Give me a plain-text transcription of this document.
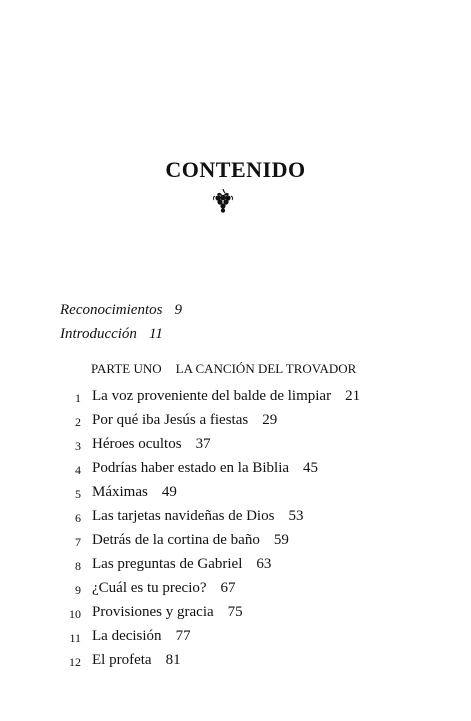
CONTENIDO
Reconocimientos 9
Introducción 11
PARTE UNO LA CANCIÓN DEL TROVADOR
1 La voz proveniente del balde de limpiar 21
2 Por qué iba Jesús a fiestas 29
3 Héroes ocultos 37
4 Podrías haber estado en la Biblia 45
5 Máximas 49
6 Las tarjetas navideñas de Dios 53
7 Detrás de la cortina de baño 59
8 Las preguntas de Gabriel 63
9 ¿Cuál es tu precio? 67
10 Provisiones y gracia 75
11 La decisión 77
12 El profeta 81
